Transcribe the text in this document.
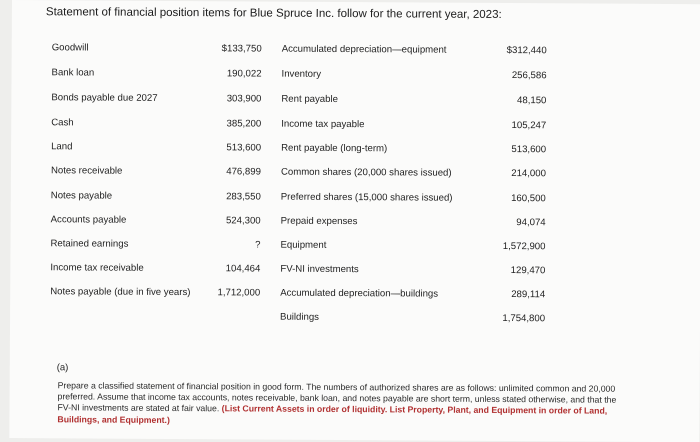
Statement of financial position items for Blue Spruce Inc. follow for the current year, 2023:
Goodwill	$133,750
Bank loan	190,022
Bonds payable due 2027	303,900
Cash	385,200
Land	513,600
Notes receivable	476,899
Notes payable	283,550
Accounts payable	524,300
Retained earnings	?
Income tax receivable	104,464
Notes payable (due in five years)	1,712,000
Accumulated depreciation—equipment	$312,440
Inventory	256,586
Rent payable	48,150
Income tax payable	105,247
Rent payable (long-term)	513,600
Common shares (20,000 shares issued)	214,000
Preferred shares (15,000 shares issued)	160,500
Prepaid expenses	94,074
Equipment	1,572,900
FV-NI investments	129,470
Accumulated depreciation—buildings	289,114
Buildings	1,754,800
(a)
Prepare a classified statement of financial position in good form. The numbers of authorized shares are as follows: unlimited common and 20,000 preferred. Assume that income tax accounts, notes receivable, bank loan, and notes payable are short term, unless stated otherwise, and that the FV-NI investments are stated at fair value. (List Current Assets in order of liquidity. List Property, Plant, and Equipment in order of Land, Buildings, and Equipment.)
